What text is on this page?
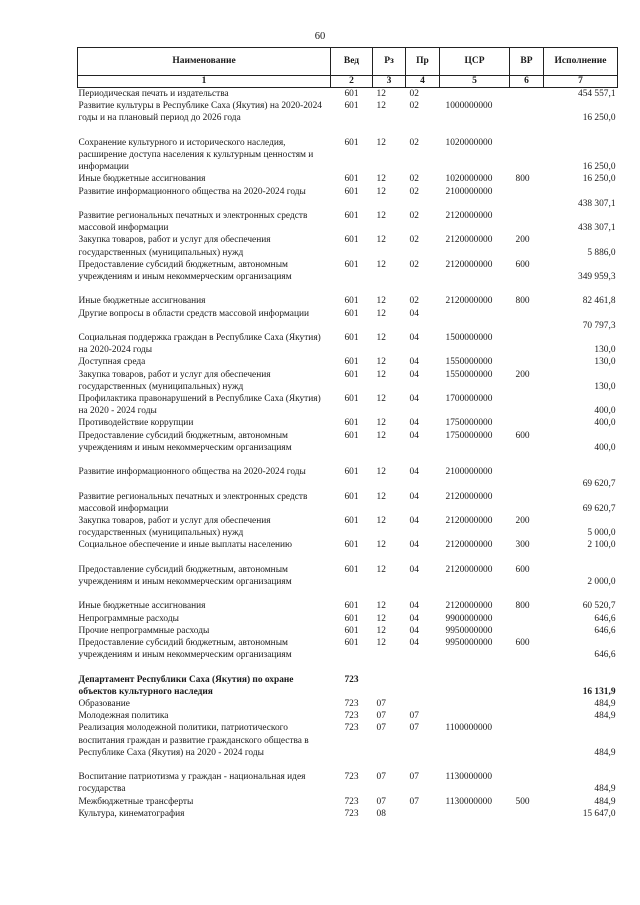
60
Наименование	Вед	Рз	Пр	ЦСР	ВР	Исполнение
1	2	3	4	5	6	7
Периодическая печать и издательства	601	12	02			454 557,1
Развитие культуры в Республике Саха (Якутия) на 2020-2024 годы и на плановый период до 2026 года	601	12	02	1000000000		16 250,0

Сохранение культурного и исторического наследия, расширение доступа населения к культурным ценностям и информации	601	12	02	1020000000		16 250,0
Иные бюджетные ассигнования	601	12	02	1020000000	800	16 250,0
Развитие информационного общества на 2020-2024 годы	601	12	02	2100000000		438 307,1
Развитие региональных печатных и электронных средств массовой информации	601	12	02	2120000000		438 307,1
Закупка товаров, работ и услуг для обеспечения государственных (муниципальных) нужд	601	12	02	2120000000	200	5 886,0
Предоставление субсидий бюджетным, автономным учреждениям и иным некоммерческим организациям	601	12	02	2120000000	600	349 959,3

Иные бюджетные ассигнования	601	12	02	2120000000	800	82 461,8
Другие вопросы в области средств массовой информации	601	12	04			70 797,3
Социальная поддержка граждан в Республике Саха (Якутия) на 2020-2024 годы	601	12	04	1500000000		130,0
Доступная среда	601	12	04	1550000000		130,0
Закупка товаров, работ и услуг для обеспечения государственных (муниципальных) нужд	601	12	04	1550000000	200	130,0
Профилактика правонарушений в Республике Саха (Якутия) на 2020 - 2024 годы	601	12	04	1700000000		400,0
Противодействие коррупции	601	12	04	1750000000		400,0
Предоставление субсидий бюджетным, автономным учреждениям и иным некоммерческим организациям	601	12	04	1750000000	600	400,0

Развитие информационного общества на 2020-2024 годы	601	12	04	2100000000		69 620,7
Развитие региональных печатных и электронных средств массовой информации	601	12	04	2120000000		69 620,7
Закупка товаров, работ и услуг для обеспечения государственных (муниципальных) нужд	601	12	04	2120000000	200	5 000,0
Социальное обеспечение и иные выплаты населению	601	12	04	2120000000	300	2 100,0

Предоставление субсидий бюджетным, автономным учреждениям и иным некоммерческим организациям	601	12	04	2120000000	600	2 000,0

Иные бюджетные ассигнования	601	12	04	2120000000	800	60 520,7
Непрограммные расходы	601	12	04	9900000000		646,6
Прочие непрограммные расходы	601	12	04	9950000000		646,6
Предоставление субсидий бюджетным, автономным учреждениям и иным некоммерческим организациям	601	12	04	9950000000	600	646,6

Департамент Республики Саха (Якутия) по охране объектов культурного наследия	723					16 131,9
Образование	723	07				484,9
Молодежная политика	723	07	07			484,9
Реализация молодежной политики, патриотического воспитания граждан и развитие гражданского общества в Республике Саха (Якутия) на 2020 - 2024 годы	723	07	07	1100000000		484,9

Воспитание патриотизма у граждан - национальная идея государства	723	07	07	1130000000		484,9
Межбюджетные трансферты	723	07	07	1130000000	500	484,9
Культура, кинематография	723	08				15 647,0
